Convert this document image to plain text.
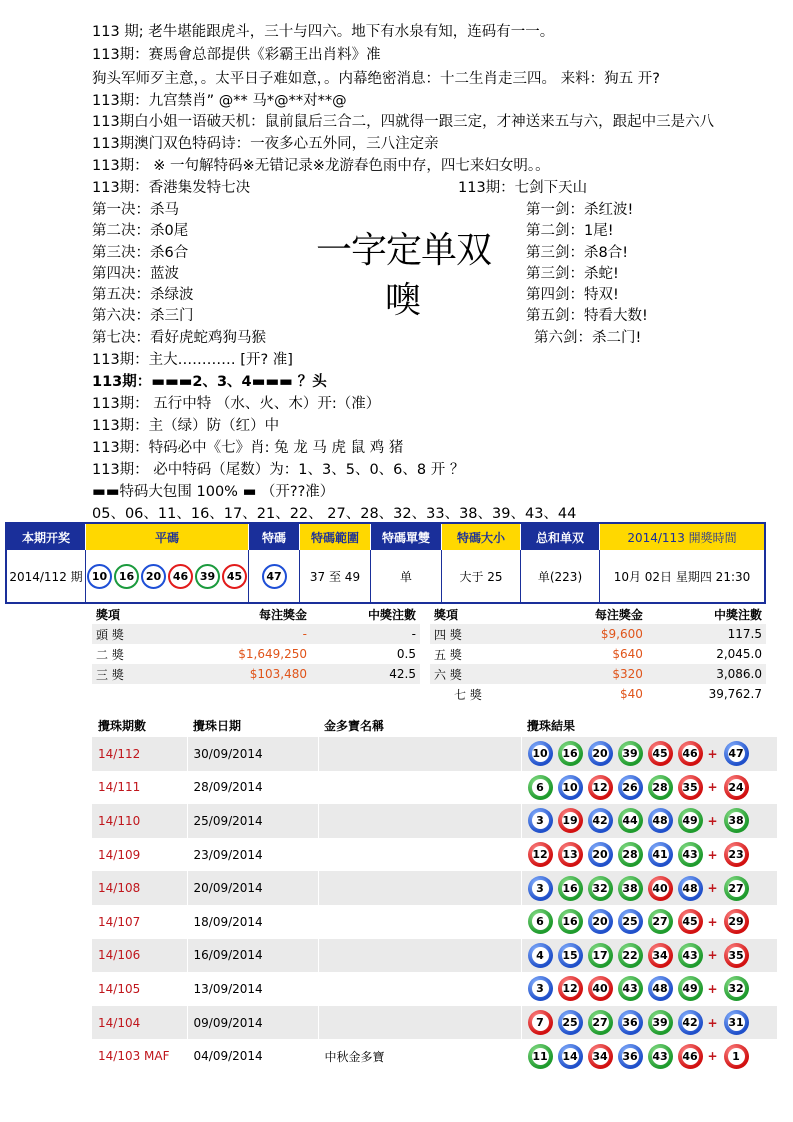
113 期; 老牛堪能跟虎斗，三十与四六。地下有水泉有知，连码有一一。
113期：赛馬會总部提供《彩霸王出肖料》准
狗头军师歹主意，。太平日子难如意，。内幕绝密消息：十二生肖走三四。 来料：狗五 开?
113期：九宫禁肖” @** 马*@**对**@
113期白小姐一语破天机：鼠前鼠后三合二，四就得一跟三定，才神送来五与六，跟起中三是六八
113期澳门双色特码诗：一夜多心五外同，三八注定亲
113期： ※ 一句解特码※无错记录※龙游春色雨中存，四七来妇女明。。
113期：香港集发特七决	113期：七剑下天山
第一决：杀马
第二决：杀0尾
第三决：杀6合
第四决：蓝波
第五决：杀绿波
第六决：杀三门
第七决：看好虎蛇鸡狗马猴
第一剑：杀红波!
第二剑：1尾!
第三剑：杀8合!
第三剑：杀蛇!
第四剑：特双!
第五剑：特看大数!
第六剑：杀二门!
一字定单双
噢
113期：主大………… [开? 准]
113期：▬▬▬2、3、4▬▬▬ ？头
113期： 五行中特 （水、火、木）开:（准）
113期：主（绿）防（红）中
113期：特码必中《七》肖: 兔 龙 马 虎 鼠 鸡 猪
113期： 必中特码（尾数）为：1、3、5、0、6、8 开 ？
▬▬特码大包围 100% ▬ （开??准）
05、06、11、16、17、21、22、 27、28、32、33、38、39、43、44
本期开奖	平碼	特碼	特碼範圍	特碼單雙	特碼大小	总和单双	2014/113 開獎時間
2014/112 期	10 16 20 46 39 45	47	37 至 49	单	大于 25	单(223)	10月 02日 星期四 21:30
獎項	每注獎金	中獎注數
頭 獎	-	-
二 獎	$1,649,250	0.5
三 獎	$103,480	42.5
獎項	每注獎金	中獎注數
四 獎	$9,600	117.5
五 獎	$640	2,045.0
六 獎	$320	3,086.0
七 獎	$40	39,762.7
攪珠期數	攪珠日期	金多寶名稱	攪珠結果
14/112	30/09/2014		10 16 20 39 45 46 + 47
14/111	28/09/2014		6 10 12 26 28 35 + 24
14/110	25/09/2014		3 19 42 44 48 49 + 38
14/109	23/09/2014		12 13 20 28 41 43 + 23
14/108	20/09/2014		3 16 32 38 40 48 + 27
14/107	18/09/2014		6 16 20 25 27 45 + 29
14/106	16/09/2014		4 15 17 22 34 43 + 35
14/105	13/09/2014		3 12 40 43 48 49 + 32
14/104	09/09/2014		7 25 27 36 39 42 + 31
14/103 MAF	04/09/2014	中秋金多寶	11 14 34 36 43 46 + 1
